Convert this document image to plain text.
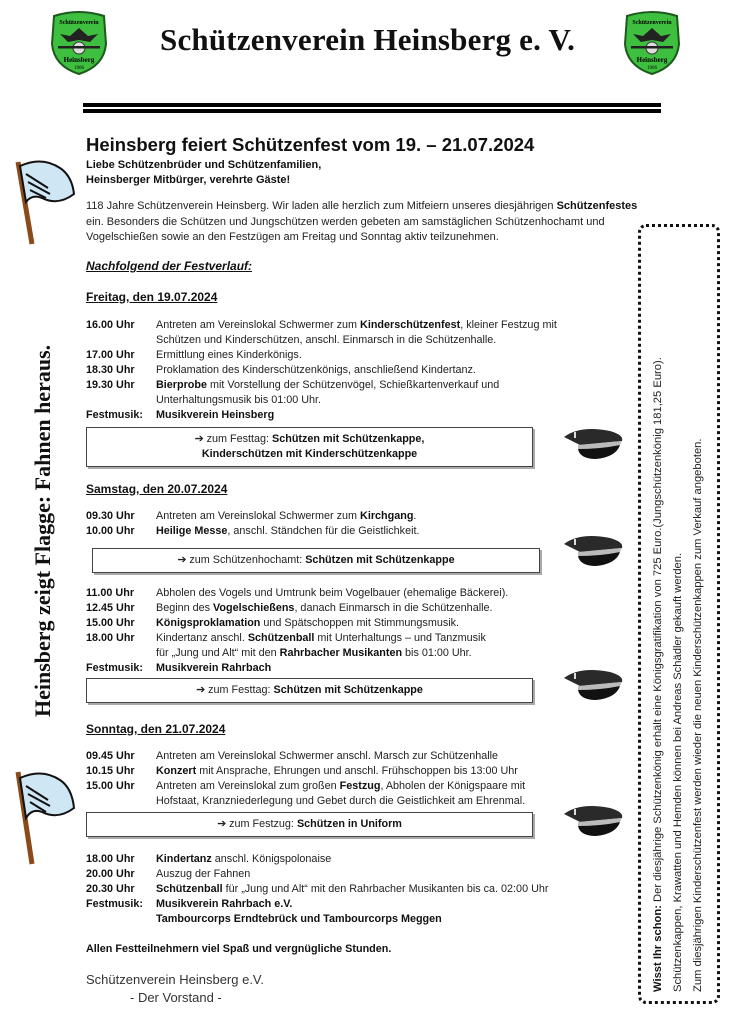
Schützenverein
Heinsberg
1906
Schützenverein
Heinsberg
1906
Schützenverein Heinsberg e. V.
Heinsberg zeigt Flagge: Fahnen heraus.
Heinsberg feiert Schützenfest vom 19. – 21.07.2024
Liebe Schützenbrüder und Schützenfamilien,
Heinsberger Mitbürger, verehrte Gäste!
118 Jahre Schützenverein Heinsberg. Wir laden alle herzlich zum Mitfeiern unseres diesjährigen Schützenfestes ein. Besonders die Schützen und Jungschützen werden gebeten am samstäglichen Schützenhochamt und Vogelschießen sowie an den Festzügen am Freitag und Sonntag aktiv teilzunehmen.
Nachfolgend der Festverlauf:
Freitag, den 19.07.2024
16.00 Uhr	Antreten am Vereinslokal Schwermer zum Kinderschützenfest, kleiner Festzug mit Schützen und Kinderschützen, anschl. Einmarsch in die Schützenhalle.
17.00 Uhr	Ermittlung eines Kinderkönigs.
18.30 Uhr	Proklamation des Kinderschützenkönigs, anschließend Kindertanz.
19.30 Uhr	Bierprobe mit Vorstellung der Schützenvögel, Schießkartenverkauf und Unterhaltungsmusik bis 01:00 Uhr.
Festmusik:	Musikverein Heinsberg
➔ zum Festtag: Schützen mit Schützenkappe,
Kinderschützen mit Kinderschützenkappe
Samstag, den 20.07.2024
09.30 Uhr	Antreten am Vereinslokal Schwermer zum Kirchgang.
10.00 Uhr	Heilige Messe, anschl. Ständchen für die Geistlichkeit.
➔ zum Schützenhochamt: Schützen mit Schützenkappe
11.00 Uhr	Abholen des Vogels und Umtrunk beim Vogelbauer (ehemalige Bäckerei).
12.45 Uhr	Beginn des Vogelschießens, danach Einmarsch in die Schützenhalle.
15.00 Uhr	Königsproklamation und Spätschoppen mit Stimmungsmusik.
18.00 Uhr	Kindertanz anschl. Schützenball mit Unterhaltungs – und Tanzmusik
für „Jung und Alt“ mit den Rahrbacher Musikanten bis 01:00 Uhr.
Festmusik:	Musikverein Rahrbach
➔ zum Festtag: Schützen mit Schützenkappe
Sonntag, den 21.07.2024
09.45 Uhr	Antreten am Vereinslokal Schwermer anschl. Marsch zur Schützenhalle
10.15 Uhr	Konzert mit Ansprache, Ehrungen und anschl. Frühschoppen bis 13:00 Uhr
15.00 Uhr	Antreten am Vereinslokal zum großen Festzug, Abholen der Königspaare mit Hofstaat, Kranzniederlegung und Gebet durch die Geistlichkeit am Ehrenmal.
➔ zum Festzug: Schützen in Uniform
18.00 Uhr	Kindertanz anschl. Königspolonaise
20.00 Uhr	Auszug der Fahnen
20.30 Uhr	Schützenball für „Jung und Alt“ mit den Rahrbacher Musikanten bis ca. 02:00 Uhr
Festmusik:	Musikverein Rahrbach e.V.
Tambourcorps Erndtebrück und Tambourcorps Meggen
Allen Festteilnehmern viel Spaß und vergnügliche Stunden.
Schützenverein Heinsberg e.V.
- Der Vorstand -
Wisst Ihr schon: Der diesjährige Schützenkönig erhält eine Königsgratifikation von 725 Euro.(Jungschützenkönig 181,25 Euro). Schützenkappen, Krawatten und Hemden können bei Andreas Schädler gekauft werden. Zum diesjährigen Kinderschützenfest werden wieder die neuen Kinderschützenkappen zum Verkauf angeboten.
